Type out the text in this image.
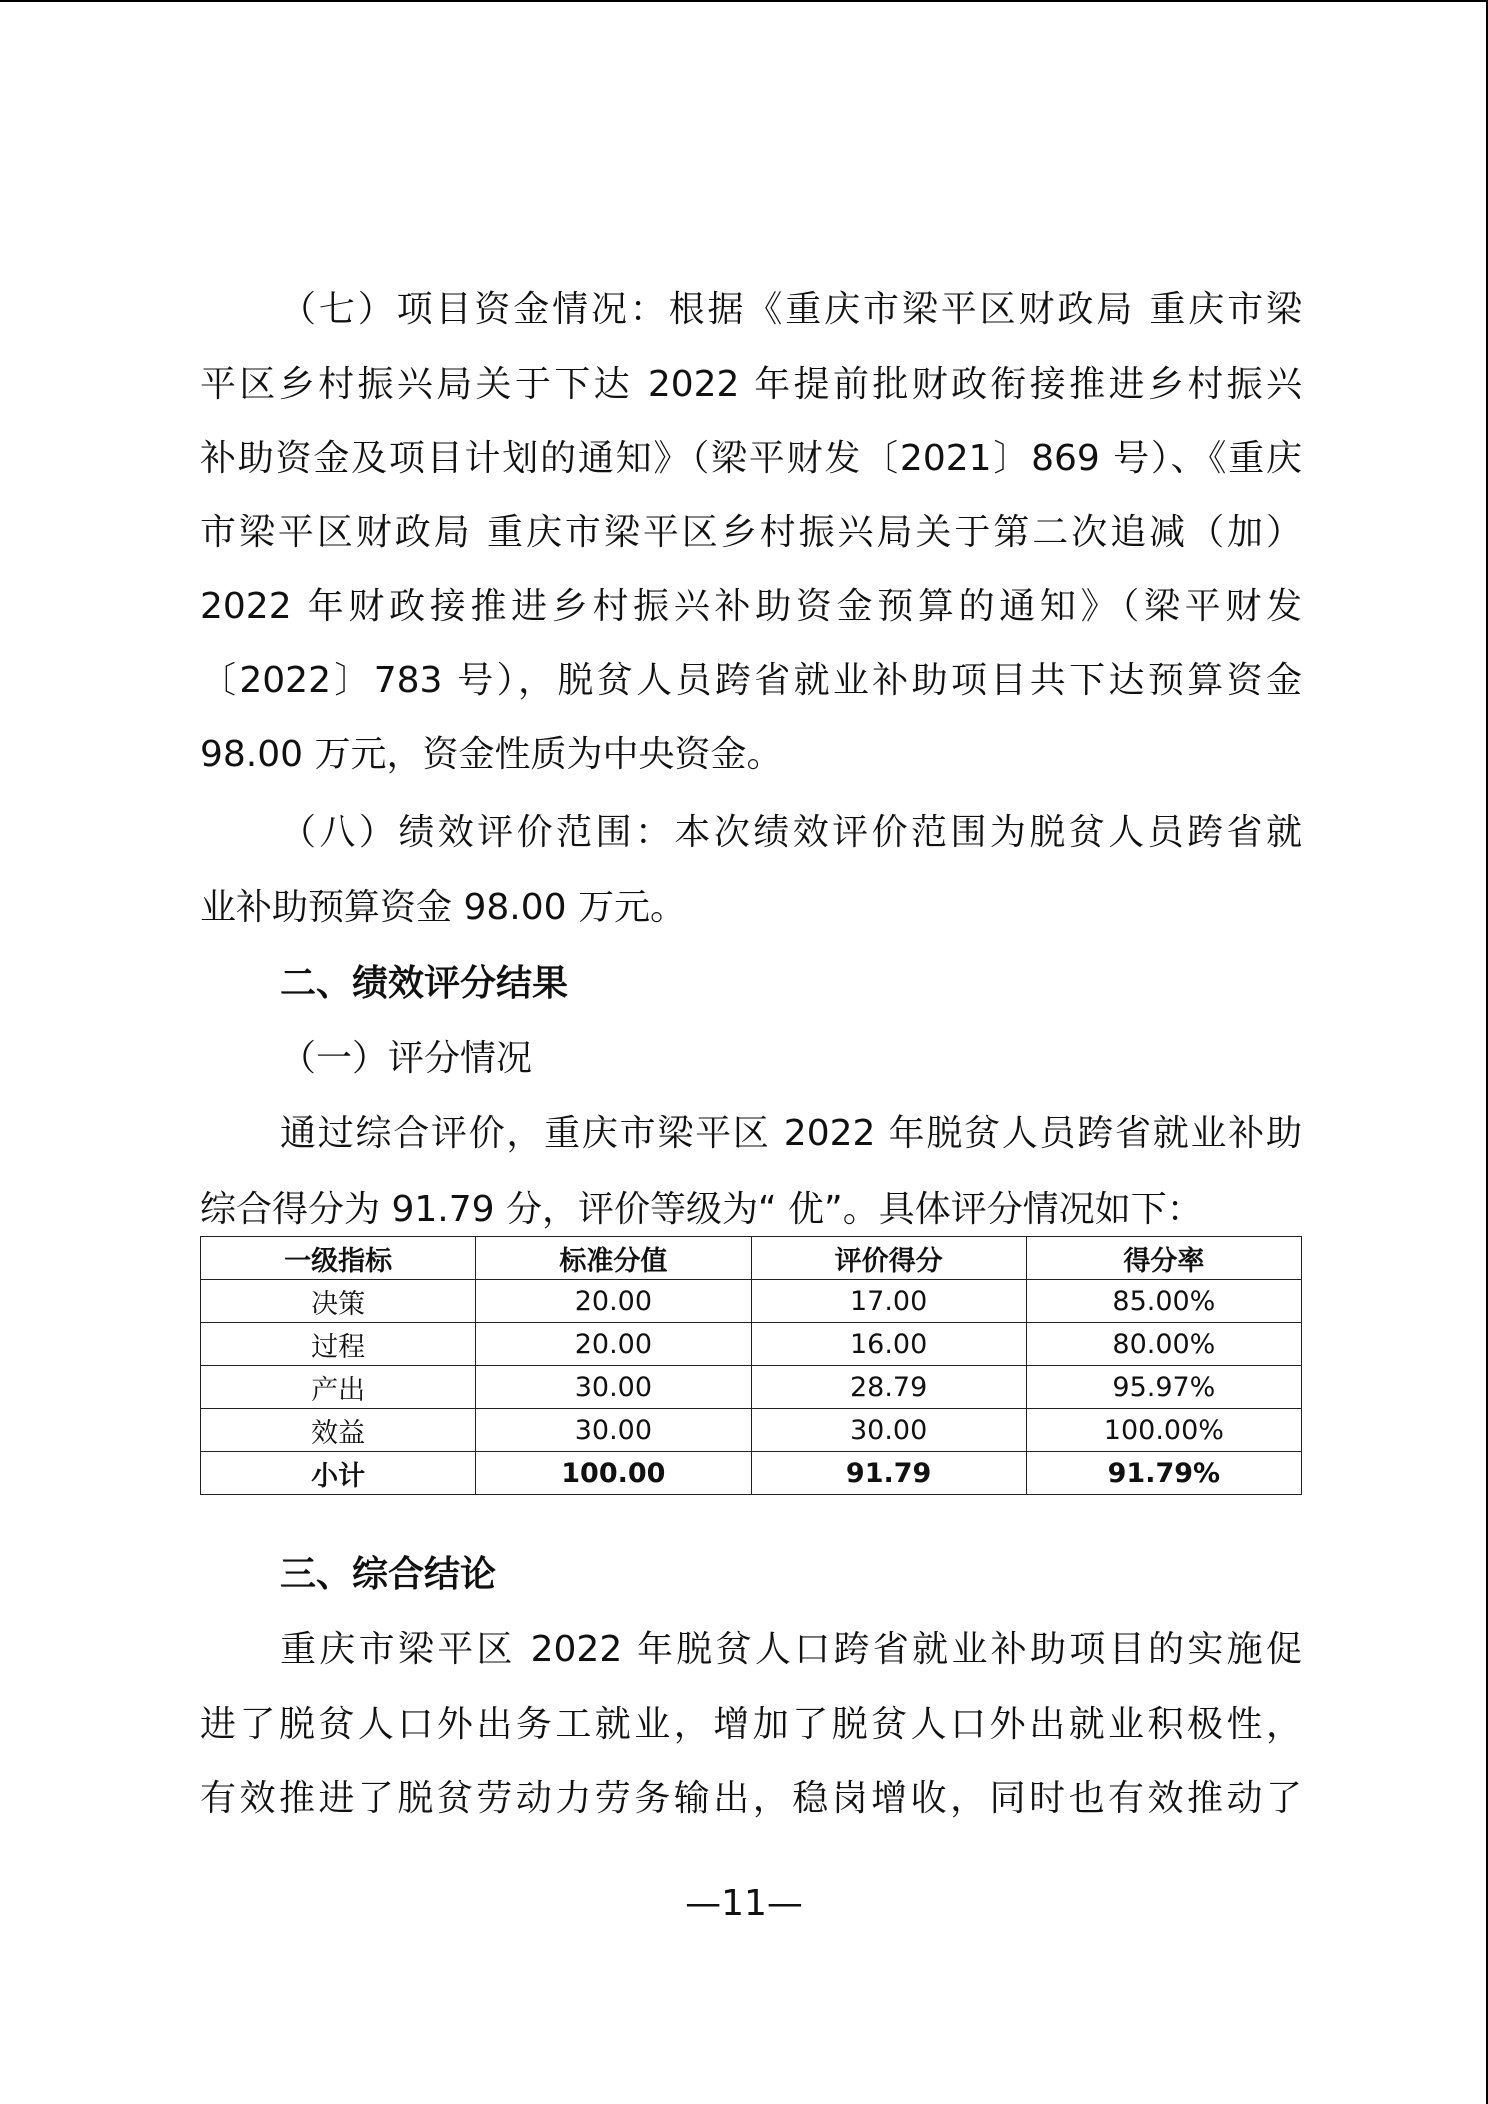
（七）项目资金情况：根据《重庆市梁平区财政局 重庆市梁
平区乡村振兴局关于下达 2022 年提前批财政衔接推进乡村振兴
补助资金及项目计划的通知》（梁平财发〔2021〕869 号）、《重庆
市梁平区财政局 重庆市梁平区乡村振兴局关于第二次追减（加）
2022 年财政接推进乡村振兴补助资金预算的通知》（梁平财发
〔2022〕783 号），脱贫人员跨省就业补助项目共下达预算资金
98.00 万元，资金性质为中央资金。
（八）绩效评价范围：本次绩效评价范围为脱贫人员跨省就
业补助预算资金 98.00 万元。
二、绩效评分结果
（一）评分情况
通过综合评价，重庆市梁平区 2022 年脱贫人员跨省就业补助
综合得分为 91.79 分，评价等级为“ 优”。具体评分情况如下：
一级指标	标准分值	评价得分	得分率
决策	20.00	17.00	85.00%
过程	20.00	16.00	80.00%
产出	30.00	28.79	95.97%
效益	30.00	30.00	100.00%
小计	100.00	91.79	91.79%
三、综合结论
重庆市梁平区 2022 年脱贫人口跨省就业补助项目的实施促
进了脱贫人口外出务工就业，增加了脱贫人口外出就业积极性，
有效推进了脱贫劳动力劳务输出，稳岗增收，同时也有效推动了
—11—
